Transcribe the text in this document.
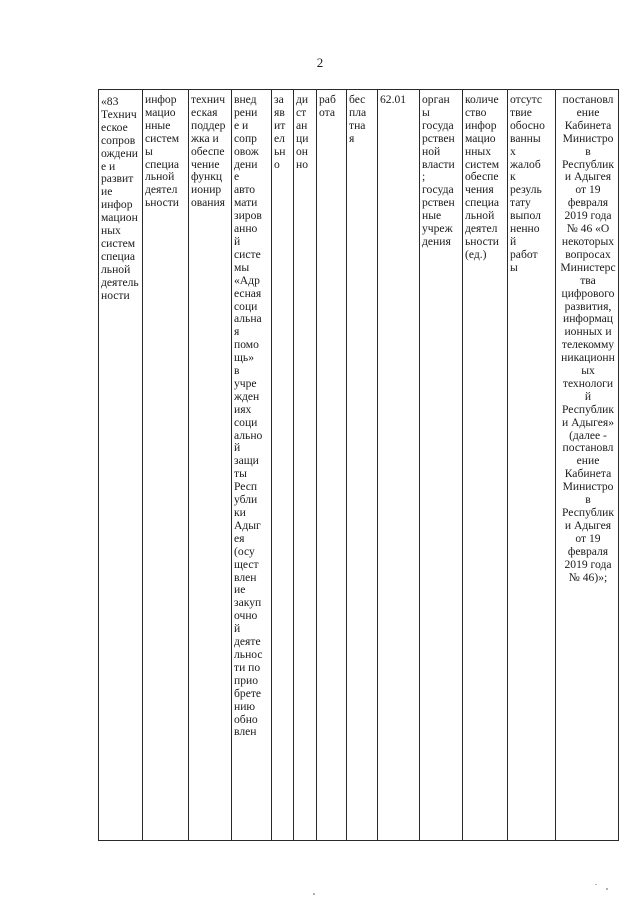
2
«83
Технич
еское
сопров
ождени
е и
развит
ие
инфор
мацион
ных
систем
специа
льной
деятель
ности
инфор
мацио
нные
систем
ы
специа
льной
деятел
ьности
технич
еская
поддер
жка и
обеспе
чение
функц
ионир
ования
внед
рени
е и
сопр
овож
дени
е
авто
мати
зиров
анно
й
систе
мы
«Адр
есная
соци
альна
я
помо
щь»
в
учре
жден
иях
соци
ально
й
защи
ты
Респ
убли
ки
Адыг
ея
(осу
щест
влен
ие
закуп
очно
й
деяте
льнос
ти по
прио
брете
нию
обно
влен
за
яв
ит
ел
ьн
о
ди
ст
ан
ци
он
но
раб
ота
бес
пла
тна
я
62.01	орган
ы
госуда
рствен
ной
власти
;
госуда
рствен
ные
учреж
дения
количе
ство
инфор
мацио
нных
систем
обеспе
чения
специа
льной
деятел
ьности
(ед.)
отсутс
твие
обосно
ванны
х
жалоб
к
резуль
тату
выпол
ненно
й
работ
ы
постановл
ение
Кабинета
Министро
в
Республик
и Адыгея
от 19
февраля
2019 года
№ 46 «О
некоторых
вопросах
Министерс
тва
цифрового
развития,
информац
ионных и
телекомму
никационн
ых
технологи
й
Республик
и Адыгея»
(далее -
постановл
ение
Кабинета
Министро
в
Республик
и Адыгея
от 19
февраля
2019 года
№ 46)»;
